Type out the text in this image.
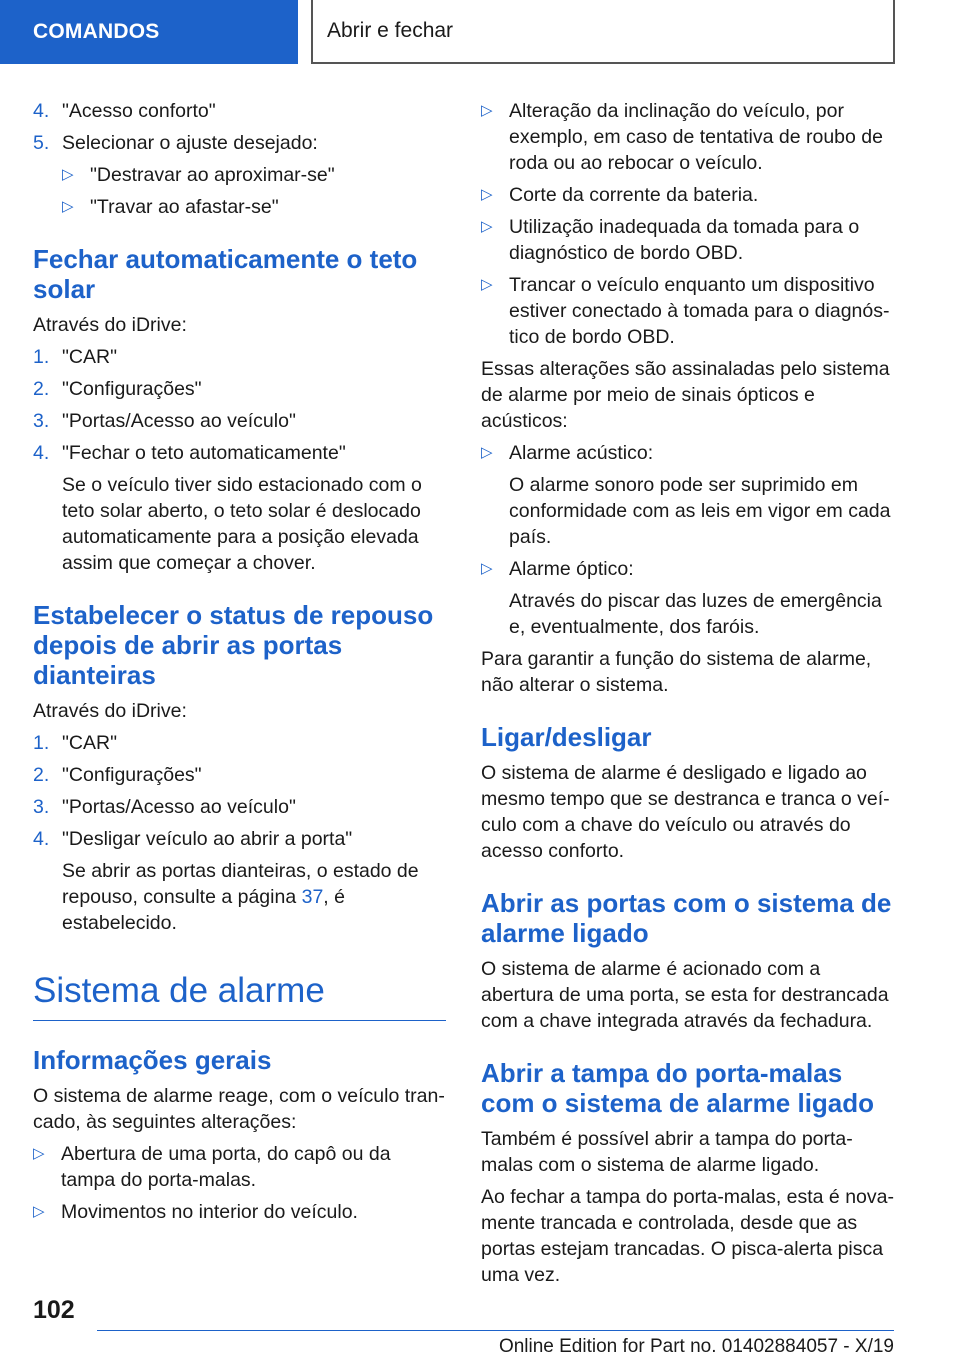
COMANDOS	Abrir e fechar
4. "Acesso conforto"
5. Selecionar o ajuste desejado:
▷ "Destravar ao aproximar-se"
▷ "Travar ao afastar-se"
Fechar automaticamente o teto solar

Através do iDrive:

1. "CAR"
2. "Configurações"
3. "Portas/Acesso ao veículo"
4. "Fechar o teto automaticamente"
Se o veículo tiver sido estacionado com o teto solar aberto, o teto solar é deslocado automaticamente para a posição elevada assim que começar a chover.
Estabelecer o status de repouso depois de abrir as portas dianteiras

Através do iDrive:

1. "CAR"
2. "Configurações"
3. "Portas/Acesso ao veículo"
4. "Desligar veículo ao abrir a porta"
Se abrir as portas dianteiras, o estado de repouso, consulte a página 37, é estabelecido.
Sistema de alarme
Informações gerais

O sistema de alarme reage, com o veículo trancado, às seguintes alterações:

▷ Abertura de uma porta, do capô ou da tampa do porta-malas.
▷ Movimentos no interior do veículo.
▷ Alteração da inclinação do veículo, por exemplo, em caso de tentativa de roubo de roda ou ao rebocar o veículo.
▷ Corte da corrente da bateria.
▷ Utilização inadequada da tomada para o diagnóstico de bordo OBD.
▷ Trancar o veículo enquanto um dispositivo estiver conectado à tomada para o diagnóstico de bordo OBD.

Essas alterações são assinaladas pelo sistema de alarme por meio de sinais ópticos e acústicos:

▷ Alarme acústico:
O alarme sonoro pode ser suprimido em conformidade com as leis em vigor em cada país.
▷ Alarme óptico:
Através do piscar das luzes de emergência e, eventualmente, dos faróis.

Para garantir a função do sistema de alarme, não alterar o sistema.

Ligar/desligar

O sistema de alarme é desligado e ligado ao mesmo tempo que se destranca e tranca o veículo com a chave do veículo ou através do acesso conforto.

Abrir as portas com o sistema de alarme ligado

O sistema de alarme é acionado com a abertura de uma porta, se esta for destrancada com a chave integrada através da fechadura.

Abrir a tampa do porta-malas com o sistema de alarme ligado

Também é possível abrir a tampa do porta-malas com o sistema de alarme ligado.

Ao fechar a tampa do porta-malas, esta é novamente trancada e controlada, desde que as portas estejam trancadas. O pisca-alerta pisca uma vez.

102
Online Edition for Part no. 01402884057 - X/19
